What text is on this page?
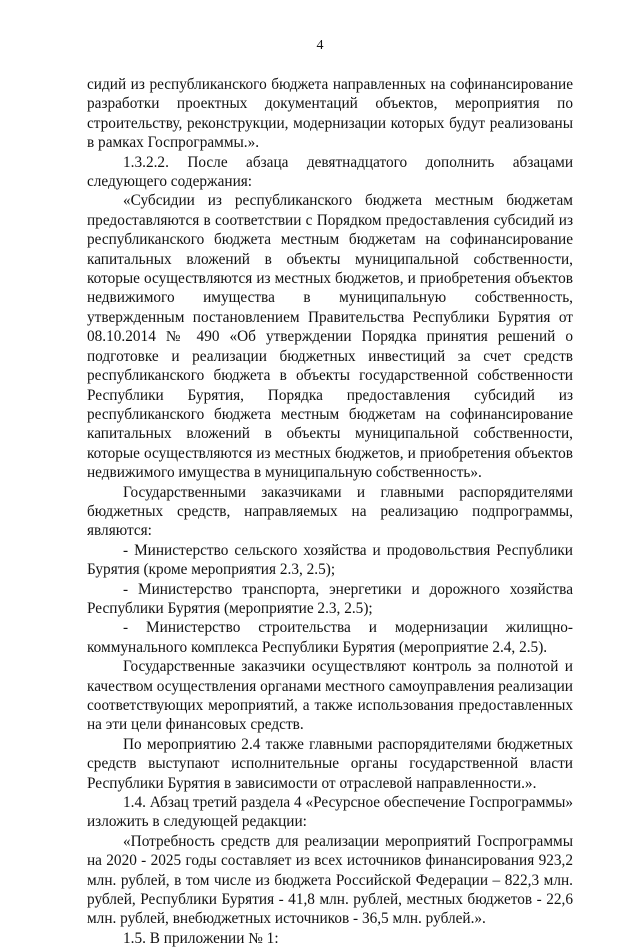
4

сидий из республиканского бюджета направленных на софинансирование разработки проектных документаций объектов, мероприятия по строительству, реконструкции, модернизации которых будут реализованы в рамках Госпрограммы.».

1.3.2.2. После абзаца девятнадцатого дополнить абзацами следующего содержания:

«Субсидии из республиканского бюджета местным бюджетам предоставляются в соответствии с Порядком предоставления субсидий из республиканского бюджета местным бюджетам на софинансирование капитальных вложений в объекты муниципальной собственности, которые осуществляются из местных бюджетов, и приобретения объектов недвижимого имущества в муниципальную собственность, утвержденным постановлением Правительства Республики Бурятия от 08.10.2014 № 490 «Об утверждении Порядка принятия решений о подготовке и реализации бюджетных инвестиций за счет средств республиканского бюджета в объекты государственной собственности Республики Бурятия, Порядка предоставления субсидий из республиканского бюджета местным бюджетам на софинансирование капитальных вложений в объекты муниципальной собственности, которые осуществляются из местных бюджетов, и приобретения объектов недвижимого имущества в муниципальную собственность».

Государственными заказчиками и главными распорядителями бюджетных средств, направляемых на реализацию подпрограммы, являются:

- Министерство сельского хозяйства и продовольствия Республики Бурятия (кроме мероприятия 2.3, 2.5);

- Министерство транспорта, энергетики и дорожного хозяйства Республики Бурятия (мероприятие 2.3, 2.5);

- Министерство строительства и модернизации жилищно-коммунального комплекса Республики Бурятия (мероприятие 2.4, 2.5).

Государственные заказчики осуществляют контроль за полнотой и качеством осуществления органами местного самоуправления реализации соответствующих мероприятий, а также использования предоставленных на эти цели финансовых средств.

По мероприятию 2.4 также главными распорядителями бюджетных средств выступают исполнительные органы государственной власти Республики Бурятия в зависимости от отраслевой направленности.».

1.4. Абзац третий раздела 4 «Ресурсное обеспечение Госпрограммы» изложить в следующей редакции:

«Потребность средств для реализации мероприятий Госпрограммы на 2020 - 2025 годы составляет из всех источников финансирования 923,2 млн. рублей, в том числе из бюджета Российской Федерации – 822,3 млн. рублей, Республики Бурятия - 41,8 млн. рублей, местных бюджетов - 22,6 млн. рублей, внебюджетных источников - 36,5 млн. рублей.».

1.5. В приложении № 1:
